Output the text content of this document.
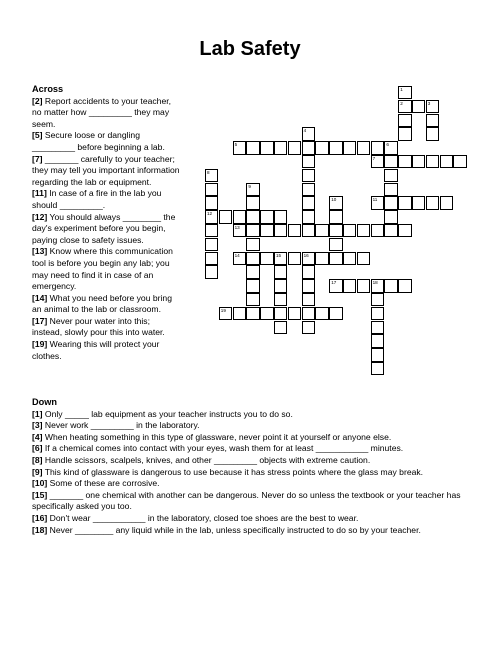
Lab Safety
Across
[2] Report accidents to your teacher, no matter how _________ they may seem.
[5] Secure loose or dangling _________ before beginning a lab.
[7] _______ carefully to your teacher; they may tell you important information regarding the lab or equipment.
[11] In case of a fire in the lab you should _________.
[12] You should always ________ the day's experiment before you begin, paying close to safety issues.
[13] Know where this communication tool is before you begin any lab; you may need to find it in case of an emergency.
[14] What you need before you bring an animal to the lab or classroom.
[17] Never pour water into this; instead, slowly pour this into water.
[19] Wearing this will protect your clothes.
Down
[1] Only _____ lab equipment as your teacher instructs you to do so.
[3] Never work _________ in the laboratory.
[4] When heating something in this type of glassware, never point it at yourself or anyone else.
[6] If a chemical comes into contact with your eyes, wash them for at least ___________ minutes.
[8] Handle scissors, scalpels, knives, and other _________ objects with extreme caution.
[9] This kind of glassware is dangerous to use because it has stress points where the glass may break.
[10] Some of these are corrosive.
[15] _______ one chemical with another can be dangerous. Never do so unless the textbook or your teacher has specifically asked you too.
[16] Don't wear ___________ in the laboratory, closed toe shoes are the best to wear.
[18] Never ________ any liquid while in the lab, unless specifically instructed to do so by your teacher.
2	3
5
7
11
12
13
14	15	16
17	18
19
1
4
6
8
9
10
